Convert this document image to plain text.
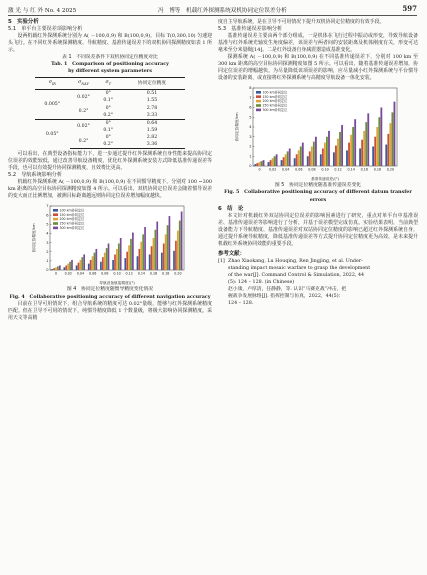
激 光 与 红 外 No. 4 2025	冯　博等　机载红外探测系统双机协同定位误差分析	597
5　实验分析
5.1　单平台主要误差项影响分析
设两机载红外探测系统分别为 A( －100,0,9) 和 B(100,0,9)，目标 T(0,300,10) 匀速迎头飞行。在不同红外系统探测精度、导航精度、基准传递误差下的双机协同探测精度如表 1 所示。
表 1　不同误差条件下双机协同定位精度对比
Tab. 1　Comparison of positioning accuracy
by different system parameters
$\sigma_{IR}$	$\sigma_{NAV}$	$\sigma_T$	协同定位精度
0.005°	0.02°	0°	0.51
		0.1°	1.55
	0.2°	0°	2.78
		0.2°	3.33
0.05°	0.02°	0°	0.64
		0.1°	1.59
	0.2°	0°	2.82
		0.2°	3.36
可以看出，在典型设备指标能力下，进一步通过提升红外探测系统自身性能来提高协同定位误差的效能较低，通过改善导航设备精度，优化红外探测系统安装方式降低基准传递误差等手段，也可以有效提升协同探测精度，且效费比更高。
5.2　导航系统影响分析
机载红外探测系统 A( －100,0,9) 和 B(100,0,9) 在不同惯导精度下，分别对 100 ~300 km 距离的高空目标协同探测精度如图 4 所示。可以看出，双机协同定位误差会随着惯导误差的变大而正比例增加，被测目标距离越远则协同定位误差增加幅度越快。
0
1
2
3
4
5
6
7
0 0.02 0.04 0.06 0.08 0.10 0.12 0.14 0.16 0.18 0.20
100 km协同定位
150 km协同定位
200 km协同定位
250 km协同定位
300 km协同定位
导航设备航姿精度/(°)
协同定位精度/km
图 4　协同定位精度随惯导精度变化情况
Fig. 4　Collaborative positioning accuracy of different navigation accuracy
目前在卫导可用情况下，组合导航系统的精度可达 0.02°量级，能够与红外探测系统精度匹配。但在卫导不可用的情况下，纯惯导精度降低 1 个数量级，将极大影响协同探测精度。采用天文等高精
度自主导航系统，是在卫导不可用情况下提升双机协同定位精度的有效手段。
5.3　基准传递误差影响分析
基准传递误差主要由两个部分组成，一是机体在飞行过程中振动或形变，导致导航设备基准与红外系统光轴发生角度偏差，该误差与两者间的安装距离及机体刚度有关，形变可达毫米至分米量级[14]。二是红外设备自身减震器造成基准变化。
探测系统 A( －100,0,9) 和 B(100,0,9) 在不同基准传递误差下，分别对 100 km 至 300 km 距离的高空目标协同探测精度如图 5 所示。可以看出，随着基准传递误差增加，协同定位误差的增幅越快。为尽量降低该项误差的影响，应尽量减小红外探测系统与平台惯导设备的安装距离，或直接将红外探测系统与高精度导航设备一体化安装。
0
1
2
3
4
5
6
7
8
0	0.02 0.04 0.06 0.08 0.10 0.12 0.14 0.16 0.18 0.20
100 km协同定位
150 km协同定位
200 km协同定位
250 km协同定位
300 km协同定位
基准传递误差/(°)
协同定位精度/km
图 5　协同定位精度随基准传递误差变化
Fig. 5　Collaborative positioning accuracy of different datum transfer errors
6　结　论
本文针对机载红外双站协同定位误差的影响因素进行了研究，重点对单平台中基准误差、基准传递误差等影响进行了分析，并基于误差模型完成仿真。实验结果表明，当前典型设备能力下导航精度、基准传递误差对双站协同定位精度的影响已超过红外探测系统自身，通过提升系统导航精度，降低基准传递误差等方式提升协同定位精度更为高效，是未来提升机载红外系统协同效能的重要手段。
参考文献：
[1] Zhao Xiaokang, Lu Houqing, Ren Jingjing, et al. Under-
standing impact mosaic warfare to grasp the development
of the war[J]. Command Control & Simulation, 2022, 44
(5): 124 – 128. (in Chinese)
赵小康，卢厚清，任静静，等. 认识“马赛克战”冲击，把
握战争发展脉络[J]. 指挥控制与仿真，2022，44(5)：
124 – 128.
